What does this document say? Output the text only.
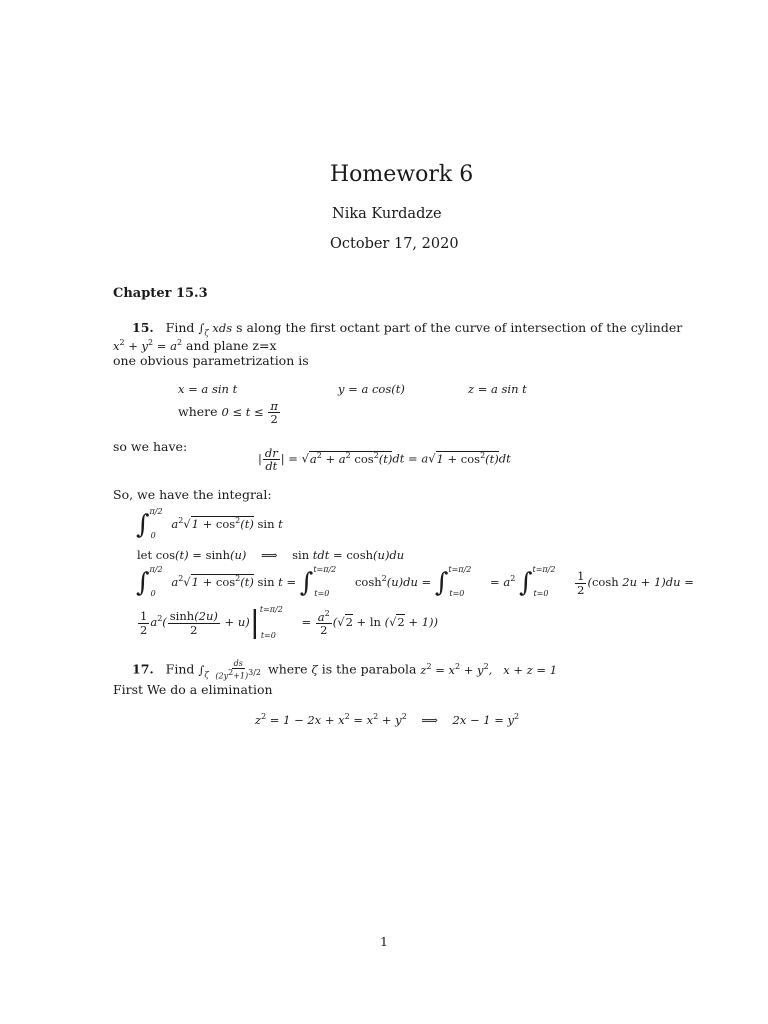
Homework 6
Nika Kurdadze
October 17, 2020
Chapter 15.3
15. Find $\int_\zeta$ xds s along the first octant part of the curve of intersection of the cylinder
$x^2 + y^2 = a^2$ and plane z=x
one obvious parametrization is
x = a sin t	y = a cos(t)	z = a sin t
where $0 \le t \le \frac{\pi}{2}$
so we have:
| $\frac{dr}{dt}$ | = $√a^2 + a^2$ $\cos^2(t)dt = a√1 + \cos^2(t)dt$
So, we have the integral:
∫$^{\pi/2}_0$ $a^2√1 + \cos^2(t)$ sin t
let cos(t) = sinh(u)    ⟹ sin tdt = cosh(u)du
∫$^{\pi/2}_0$ $a^2√1 + \cos^2(t)$ sin t = ∫$^{t=\pi/2}_{t=0}$ $\cosh^2(u)du = \int^{t=\pi/2}_{t=0} = a^2$ $\int^{t=\pi/2}_{t=0} \frac{1}{2} (\cosh$ 2u + 1)du =
$\frac{1}{2} a^2( \frac{\sinh(2u)}{2} + u)|^{t=\pi/2}_{t=0} = \frac{a^2}{2} (√2 + \ln (√2 + 1))$
17. Find $\int_\zeta \frac{ds}{(2y^2+1)^{3/2}}$ where ζ is the parabola $z^2 = x^2 + y^2$,   x + z = 1
First We do a elimination
$z^2 = 1 - 2x + x^2 = x^2 + y^2$ ⟹    $2x - 1 = y^2$
1
